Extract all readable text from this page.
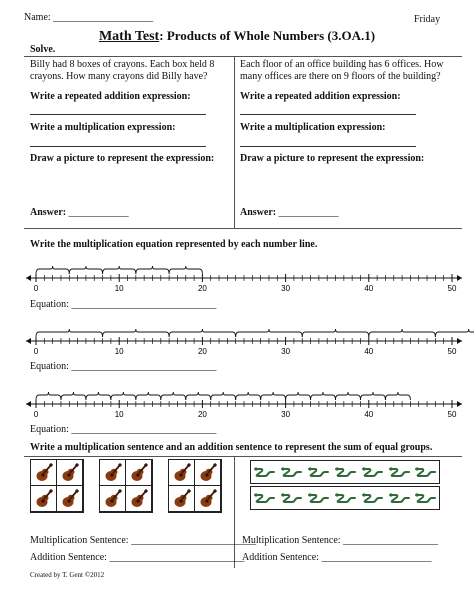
Name: ____________________	Friday
Math Test: Products of Whole Numbers (3.OA.1)
Solve.
Billy had 8 boxes of crayons. Each box held 8 crayons. How many crayons did Billy have?
Write a repeated addition expression:
Write a multiplication expression:
Draw a picture to represent the expression:
Answer: ____________
Each floor of an office building has 6 offices. How many offices are there on 9 floors of the building?
Write a repeated addition expression:
Write a multiplication expression:
Draw a picture to represent the expression:
Answer: ____________
Write the multiplication equation represented by each number line.
0	10	20	30	40	50
Equation: _____________________________
0	10	20	30	40	50
Equation: _____________________________
0	10	20	30	40	50
Equation: _____________________________
Write a multiplication sentence and an addition sentence to represent the sum of equal groups.
Multiplication Sentence: _________________________
Addition Sentence: ___________________________
Multiplication Sentence: ___________________
Addition Sentence: ______________________
Created by T. Gent ©2012
